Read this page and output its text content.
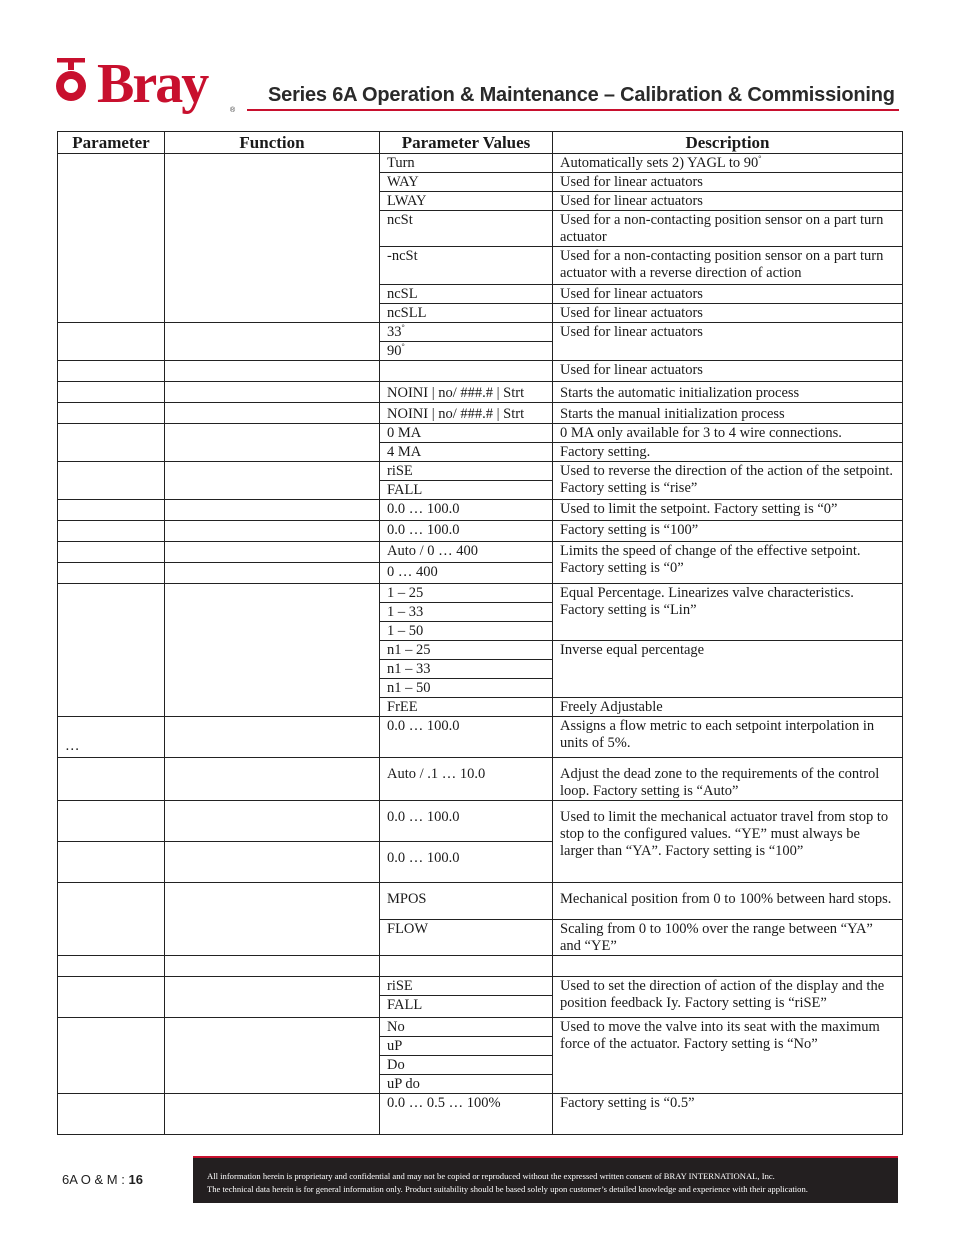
Bray	®
Series 6A Operation & Maintenance – Calibration & Commissioning
Parameter	Function	Parameter Values	Description
		Turn	Automatically sets 2) YAGL to 90°
		WAY	Used for linear actuators
		LWAY	Used for linear actuators
		ncSt	Used for a non-contacting position sensor on a part turn actuator
		-ncSt	Used for a non-contacting position sensor on a part turn actuator with a reverse direction of action
		ncSL	Used for linear actuators
		ncSLL	Used for linear actuators
		33°	Used for linear actuators
		90°
			Used for linear actuators
		NOINI | no/ ###.# | Strt	Starts the automatic initialization process
		NOINI | no/ ###.# | Strt	Starts the manual initialization process
		0 MA	0 MA only available for 3 to 4 wire connections.
		4 MA	Factory setting.
		riSE	Used to reverse the direction of the action of the setpoint. Factory setting is “rise”
		FALL	
		0.0 … 100.0	Used to limit the setpoint. Factory setting is “0”
		0.0 … 100.0	Factory setting is “100”
		Auto / 0 … 400	Limits the speed of change of the effective setpoint. Factory setting is “0”
		0 … 400	
		1 – 25	Equal Percentage. Linearizes valve characteristics. Factory setting is “Lin”
		1 – 33	
		1 – 50	
		n1 – 25	Inverse equal percentage
		n1 – 33	
		n1 – 50	
		FrEE	Freely Adjustable
…		0.0 … 100.0	Assigns a flow metric to each setpoint interpolation in units of 5%.
		Auto / .1 … 10.0	Adjust the dead zone to the requirements of the control loop. Factory setting is “Auto”
		0.0 … 100.0	Used to limit the mechanical actuator travel from stop to stop to the configured values. “YE” must always be larger than “YA”. Factory setting is “100”
		0.0 … 100.0	
		MPOS	Mechanical position from 0 to 100% between hard stops.
		FLOW	Scaling from 0 to 100% over the range between “YA” and “YE”

		riSE	Used to set the direction of action of the display and the position feedback Iy. Factory setting is “riSE”
		FALL	
		No	Used to move the valve into its seat with the maximum force of the actuator. Factory setting is “No”
		uP	
		Do	
		uP do	
		0.0 … 0.5 … 100%	Factory setting is “0.5”
6A O & M : 16	All information herein is proprietary and confidential and may not be copied or reproduced without the expressed written consent of BRAY INTERNATIONAL, Inc.
The technical data herein is for general information only. Product suitability should be based solely upon customer’s detailed knowledge and experience with their application.
